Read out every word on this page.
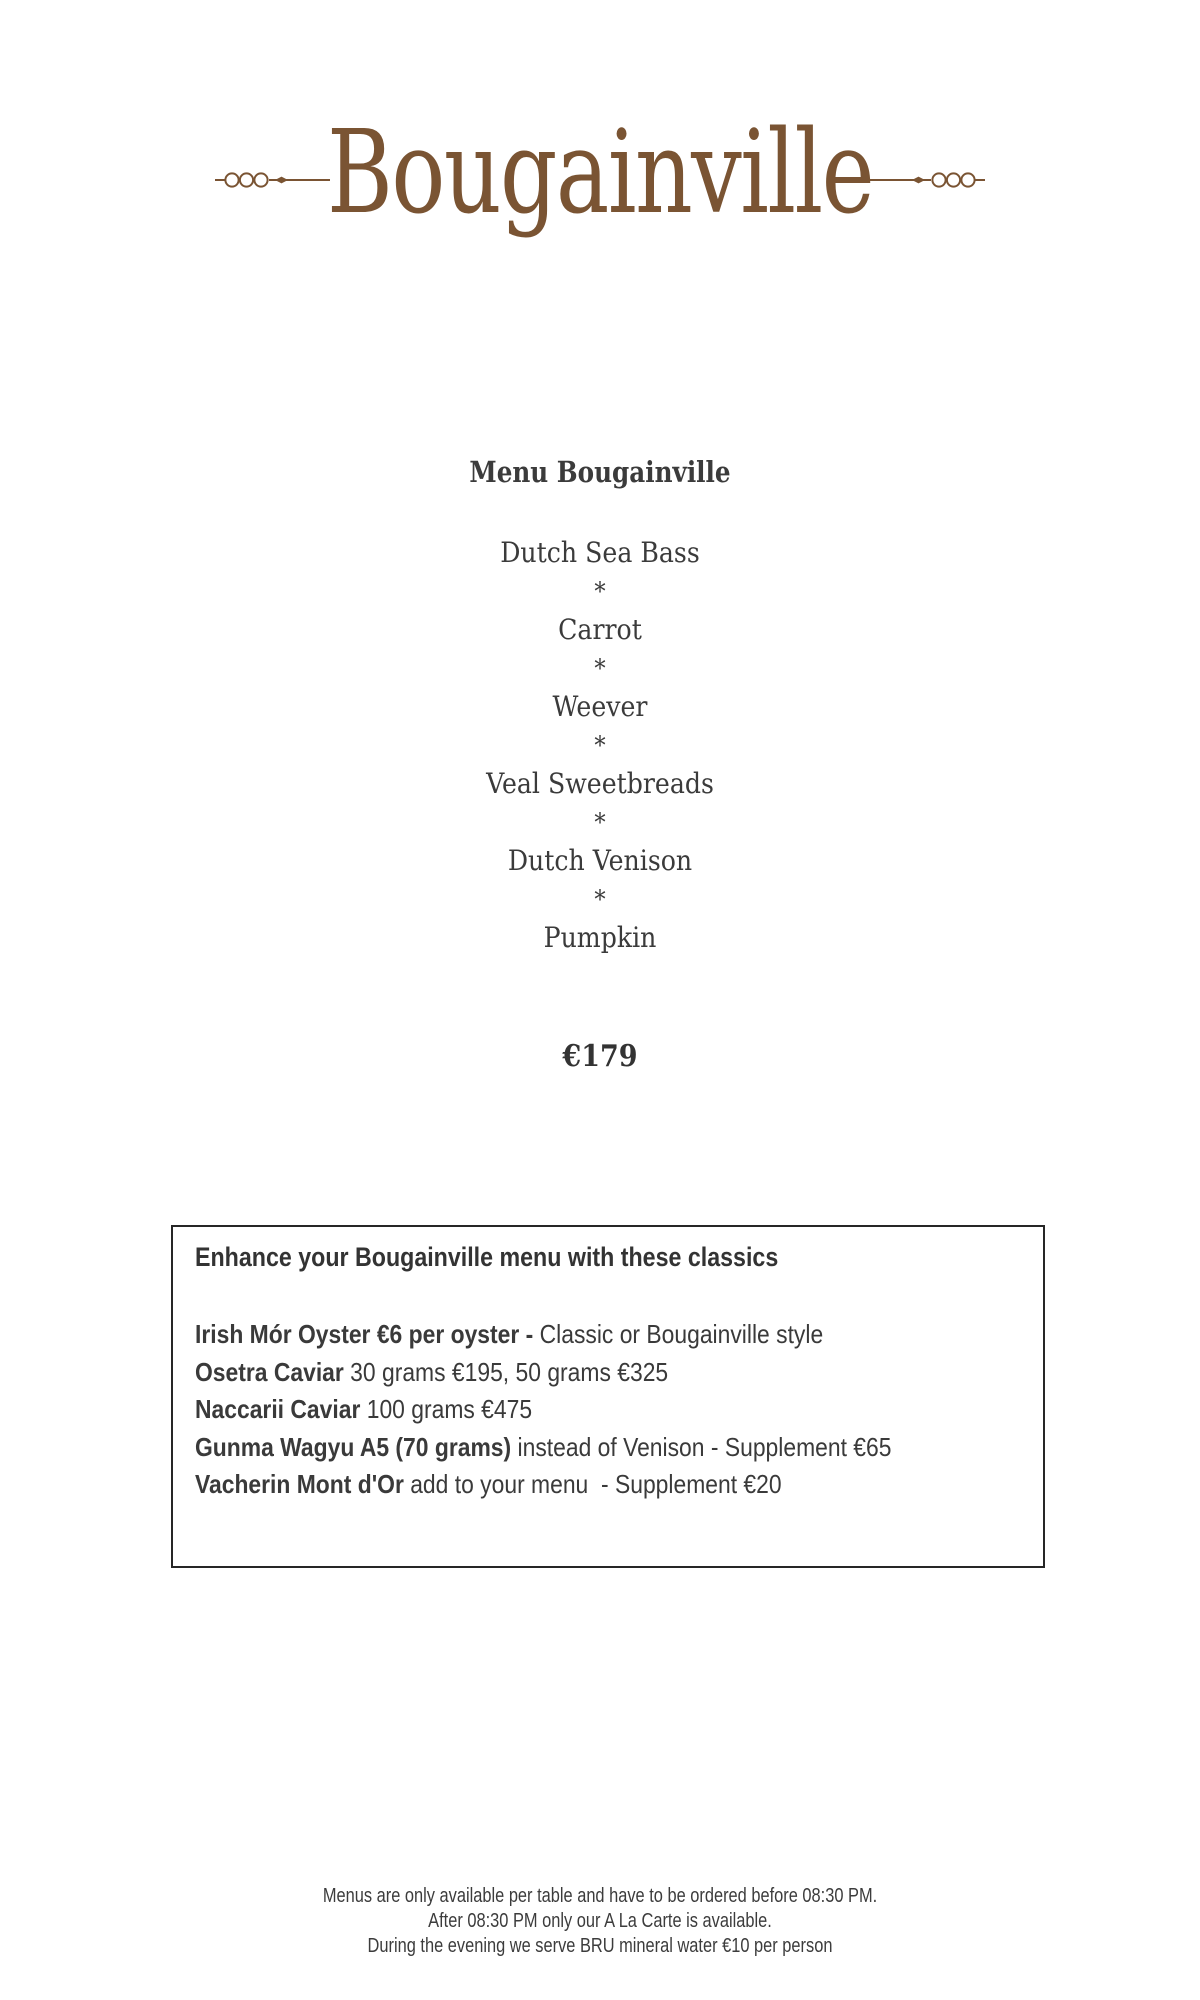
Bougainville
Menu Bougainville
Dutch Sea Bass
*
Carrot
*
Weever
*
Veal Sweetbreads
*
Dutch Venison
*
Pumpkin
€179
Enhance your Bougainville menu with these classics
Irish Mór Oyster €6 per oyster - Classic or Bougainville style
Osetra Caviar 30 grams €195, 50 grams €325
Naccarii Caviar 100 grams €475
Gunma Wagyu A5 (70 grams) instead of Venison - Supplement €65
Vacherin Mont d'Or add to your menu  - Supplement €20
Menus are only available per table and have to be ordered before 08:30 PM.
After 08:30 PM only our A La Carte is available.
During the evening we serve BRU mineral water €10 per person
